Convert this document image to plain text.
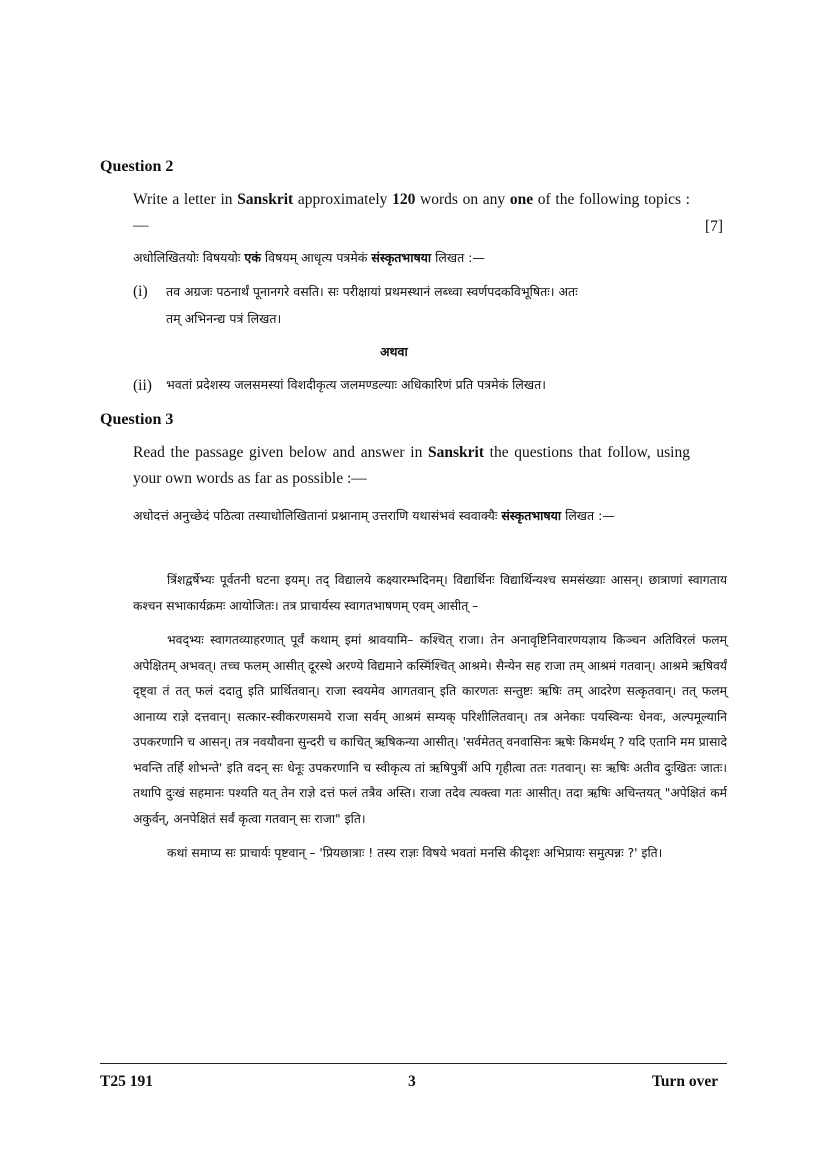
Question 2
Write a letter in Sanskrit approximately 120 words on any one of the following topics :—	[7]
अधोलिखितयोः विषययोः एकं विषयम् आधृत्य पत्रमेकं संस्कृतभाषया लिखत :—
(i) तव अग्रजः पठनार्थं पूनानगरे वसति। सः परीक्षायां प्रथमस्थानं लब्ध्वा स्वर्णपदकविभूषितः। अतः
तम् अभिनन्द्य पत्रं लिखत।
अथवा
(ii) भवतां प्रदेशस्य जलसमस्यां विशदीकृत्य जलमण्डल्याः अधिकारिणं प्रति पत्रमेकं लिखत।
Question 3
Read the passage given below and answer in Sanskrit the questions that follow, using your own words as far as possible :—
अधोदत्तं अनुच्छेदं पठित्वा तस्याधोलिखितानां प्रश्नानाम् उत्तराणि यथासंभवं स्ववाक्यैः संस्कृतभाषया लिखत :—

त्रिंशद्वर्षेभ्यः पूर्वतनी घटना इयम्। तद् विद्यालये कक्ष्यारम्भदिनम्। विद्यार्थिनः विद्यार्थिन्यश्च समसंख्याः आसन्। छात्राणां स्वागताय कश्चन सभाकार्यक्रमः आयोजितः। तत्र प्राचार्यस्य स्वागतभाषणम् एवम् आसीत् –

भवद्भ्यः स्वागतव्याहरणात् पूर्वं कथाम् इमां श्रावयामि– कश्चित् राजा। तेन अनावृष्टिनिवारणयज्ञाय किञ्चन अतिविरलं फलम् अपेक्षितम् अभवत्। तच्च फलम् आसीत् दूरस्थे अरण्ये विद्यमाने कस्मिंश्चित् आश्रमे। सैन्येन सह राजा तम् आश्रमं गतवान्। आश्रमे ऋषिवर्यं दृष्ट्वा तं तत् फलं ददातु इति प्रार्थितवान्। राजा स्वयमेव आगतवान् इति कारणतः सन्तुष्टः ऋषिः तम् आदरेण सत्कृतवान्। तत् फलम् आनाय्य राज्ञे दत्तवान्। सत्कार-स्वीकरणसमये राजा सर्वम् आश्रमं सम्यक् परिशीलितवान्। तत्र अनेकाः पयस्विन्यः धेनवः, अल्पमूल्यानि उपकरणानि च आसन्। तत्र नवयौवना सुन्दरी च काचित् ऋषिकन्या आसीत्। 'सर्वमेतत् वनवासिनः ऋषेः किमर्थम् ? यदि एतानि मम प्रासादे भवन्ति तर्हि शोभन्ते' इति वदन् सः धेनूः उपकरणानि च स्वीकृत्य तां ऋषिपुत्रीं अपि गृहीत्वा ततः गतवान्। सः ऋषिः अतीव दुःखितः जातः। तथापि दुःखं सहमानः पश्यति यत् तेन राज्ञे दत्तं फलं तत्रैव अस्ति। राजा तदेव त्यक्त्वा गतः आसीत्। तदा ऋषिः अचिन्तयत् "अपेक्षितं कर्म अकुर्वन्, अनपेक्षितं सर्वं कृत्वा गतवान् सः राजा" इति।

कथां समाप्य सः प्राचार्यः पृष्टवान् – 'प्रियछात्राः ! तस्य राज्ञः विषये भवतां मनसि कीदृशः अभिप्रायः समुत्पन्नः ?' इति।

T25 191	3	Turn over
